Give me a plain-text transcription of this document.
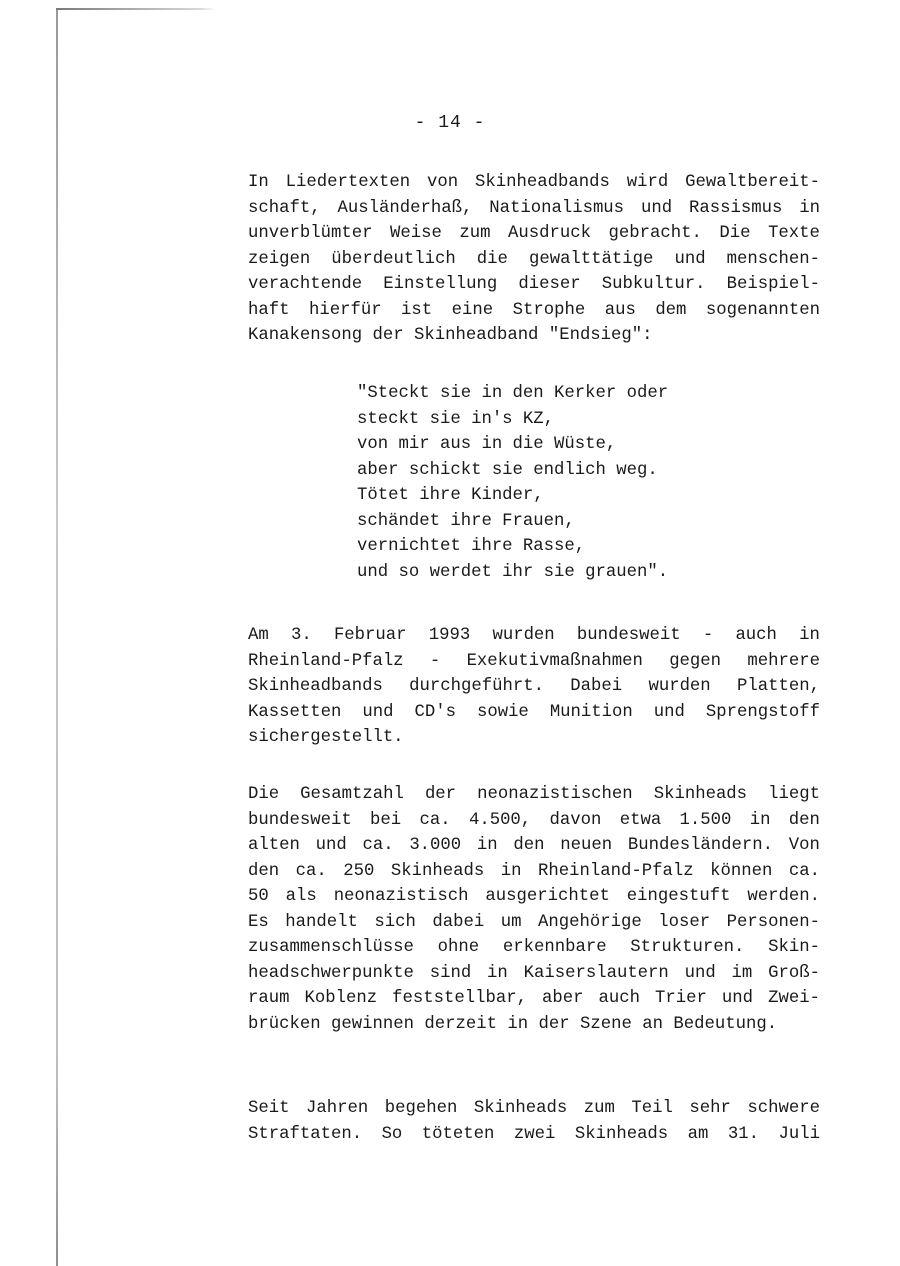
- 14 -
In Liedertexten von Skinheadbands wird Gewaltbereit-
schaft, Ausländerhaß, Nationalismus und Rassismus in
unverblümter Weise zum Ausdruck gebracht. Die Texte
zeigen überdeutlich die gewalttätige und menschen-
verachtende Einstellung dieser Subkultur. Beispiel-
haft hierfür ist eine Strophe aus dem sogenannten
Kanakensong der Skinheadband "Endsieg":
"Steckt sie in den Kerker oder
steckt sie in's KZ,
von mir aus in die Wüste,
aber schickt sie endlich weg.
Tötet ihre Kinder,
schändet ihre Frauen,
vernichtet ihre Rasse,
und so werdet ihr sie grauen".
Am 3. Februar 1993 wurden bundesweit - auch in
Rheinland-Pfalz - Exekutivmaßnahmen gegen mehrere
Skinheadbands durchgeführt. Dabei wurden Platten,
Kassetten und CD's sowie Munition und Sprengstoff
sichergestellt.
Die Gesamtzahl der neonazistischen Skinheads liegt
bundesweit bei ca. 4.500, davon etwa 1.500 in den
alten und ca. 3.000 in den neuen Bundesländern. Von
den ca. 250 Skinheads in Rheinland-Pfalz können ca.
50 als neonazistisch ausgerichtet eingestuft werden.
Es handelt sich dabei um Angehörige loser Personen-
zusammenschlüsse ohne erkennbare Strukturen. Skin-
headschwerpunkte sind in Kaiserslautern und im Groß-
raum Koblenz feststellbar, aber auch Trier und Zwei-
brücken gewinnen derzeit in der Szene an Bedeutung.
Seit Jahren begehen Skinheads zum Teil sehr schwere
Straftaten. So töteten zwei Skinheads am 31. Juli
